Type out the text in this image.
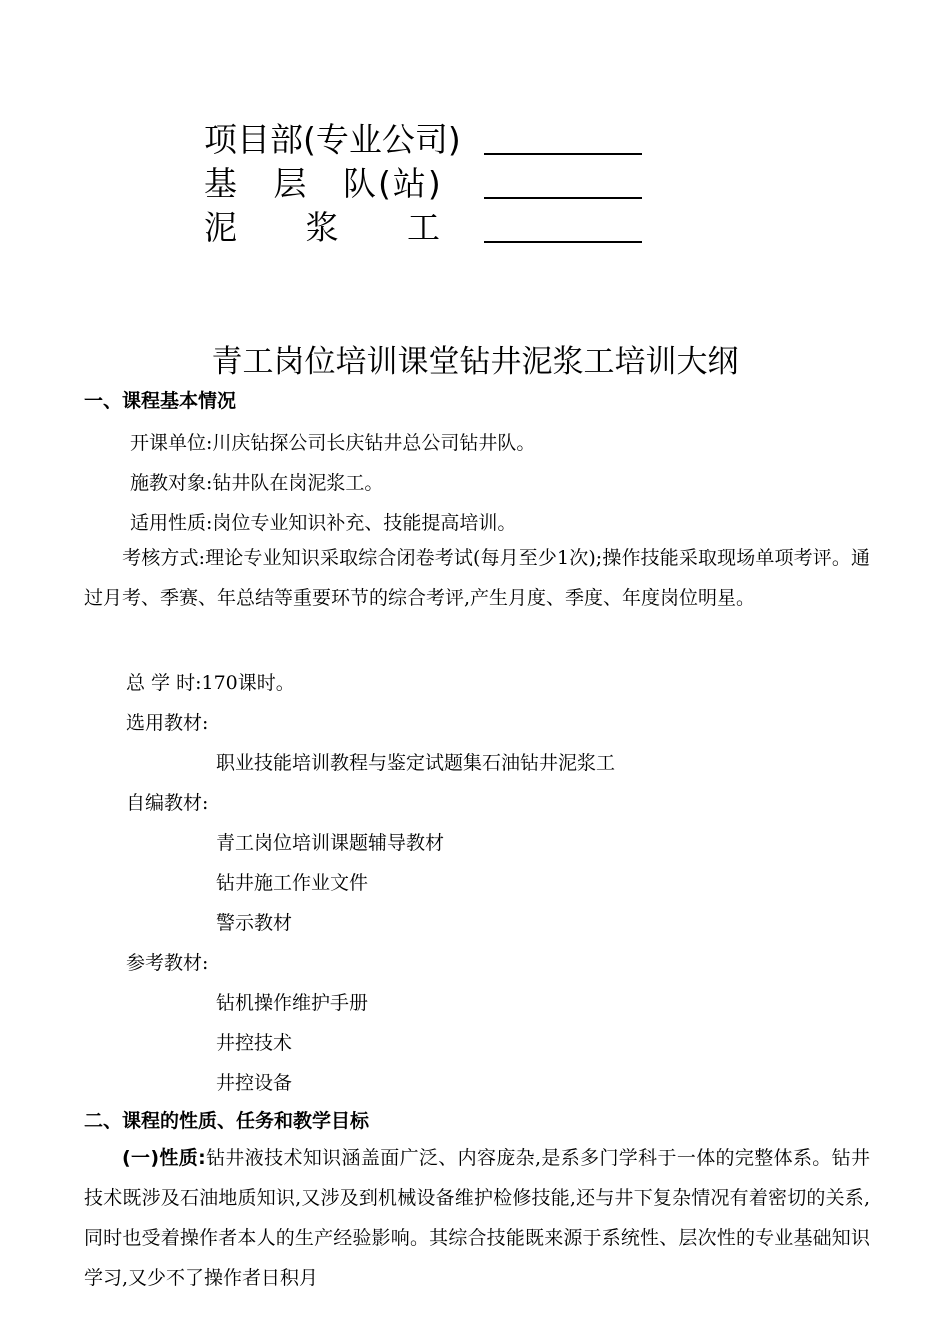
项目部(专业公司)
基 层 队(站)
泥 浆 工
青工岗位培训课堂钻井泥浆工培训大纲
一、课程基本情况
开课单位:川庆钻探公司长庆钻井总公司钻井队。
施教对象:钻井队在岗泥浆工。
适用性质:岗位专业知识补充、技能提高培训。
考核方式:理论专业知识采取综合闭卷考试(每月至少1次);操作技能采取现场单项考评。通过月考、季赛、年总结等重要环节的综合考评,产生月度、季度、年度岗位明星。
总 学 时:170课时。
选用教材:
职业技能培训教程与鉴定试题集石油钻井泥浆工
自编教材:
青工岗位培训课题辅导教材
钻井施工作业文件
警示教材
参考教材:
钻机操作维护手册
井控技术
井控设备
二、课程的性质、任务和教学目标
(一)性质:钻井液技术知识涵盖面广泛、内容庞杂,是系多门学科于一体的完整体系。钻井技术既涉及石油地质知识,又涉及到机械设备维护检修技能,还与井下复杂情况有着密切的关系,同时也受着操作者本人的生产经验影响。其综合技能既来源于系统性、层次性的专业基础知识学习,又少不了操作者日积月
